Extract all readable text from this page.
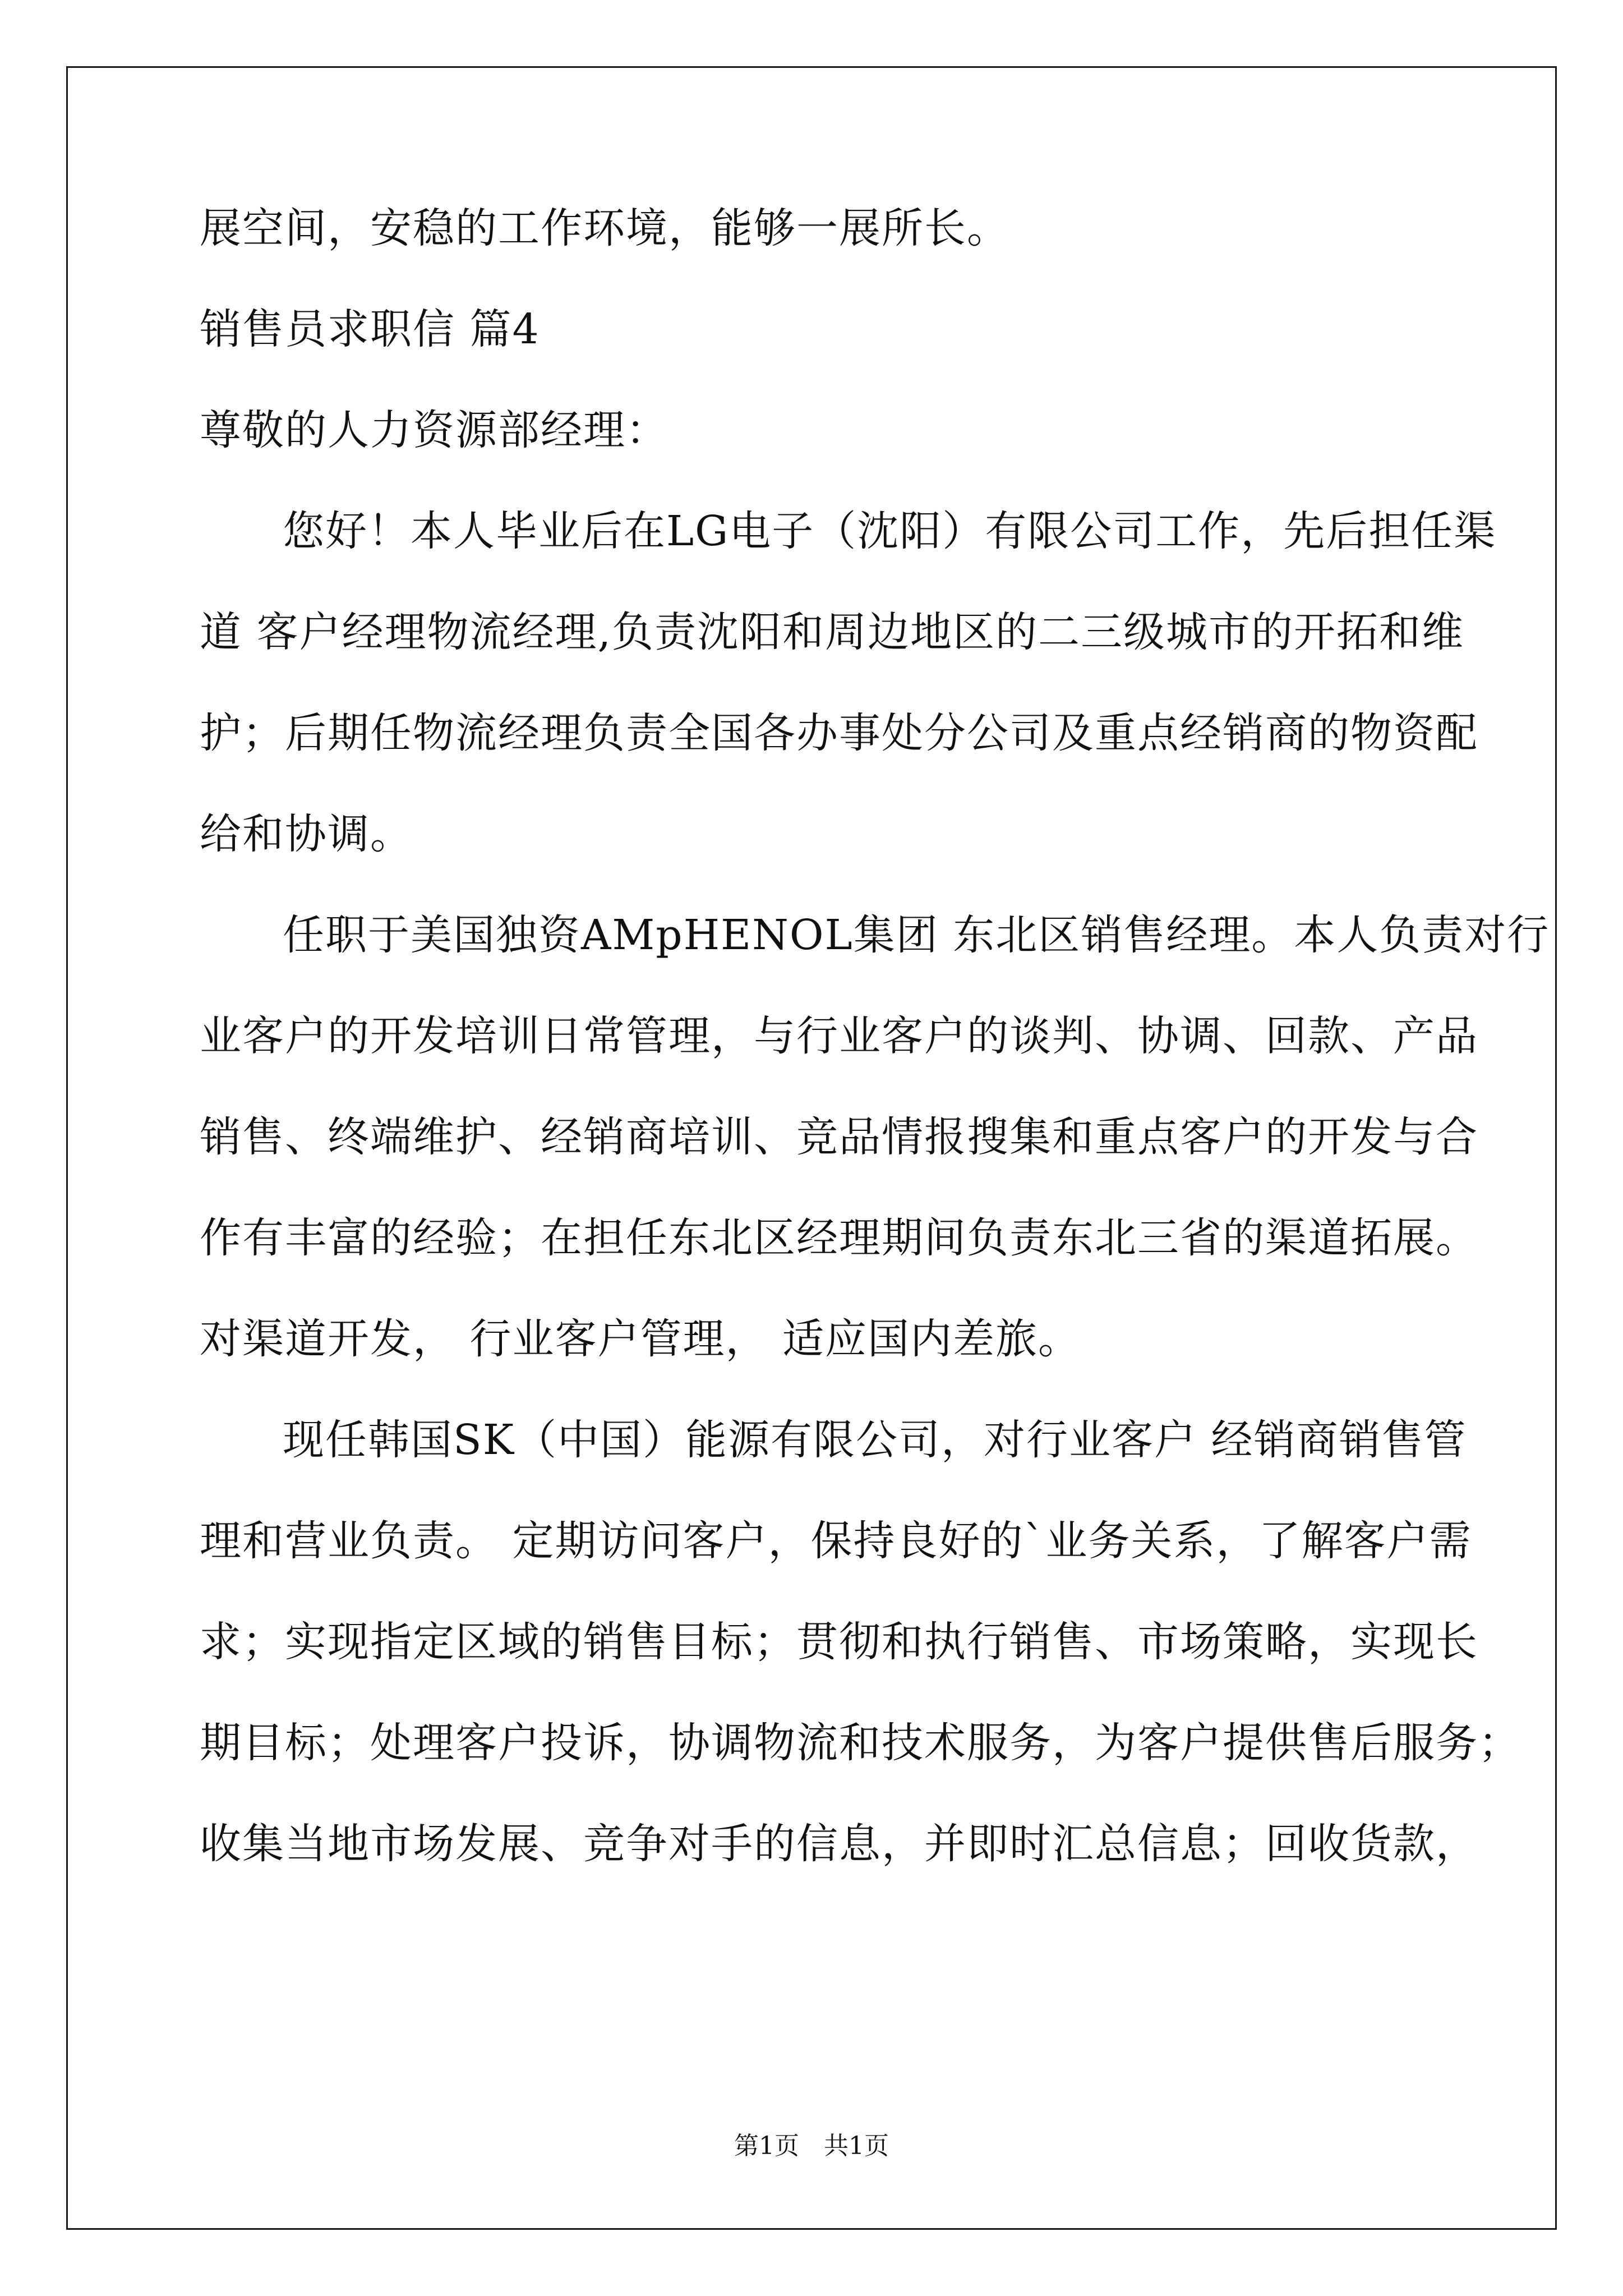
展空间，安稳的工作环境，能够一展所长。
销售员求职信 篇4
尊敬的人力资源部经理：
您好！本人毕业后在LG电子（沈阳）有限公司工作，先后担任渠
道 客户经理物流经理,负责沈阳和周边地区的二三级城市的开拓和维
护；后期任物流经理负责全国各办事处分公司及重点经销商的物资配
给和协调。
任职于美国独资AMpHENOL集团 东北区销售经理。本人负责对行
业客户的开发培训日常管理，与行业客户的谈判、协调、回款、产品
销售、终端维护、经销商培训、竞品情报搜集和重点客户的开发与合
作有丰富的经验；在担任东北区经理期间负责东北三省的渠道拓展。
对渠道开发， 行业客户管理， 适应国内差旅。
现任韩国SK（中国）能源有限公司，对行业客户 经销商销售管
理和营业负责。 定期访问客户，保持良好的`业务关系，了解客户需
求；实现指定区域的销售目标；贯彻和执行销售、市场策略，实现长
期目标；处理客户投诉，协调物流和技术服务，为客户提供售后服务；
收集当地市场发展、竞争对手的信息，并即时汇总信息；回收货款，
第1页　共1页
